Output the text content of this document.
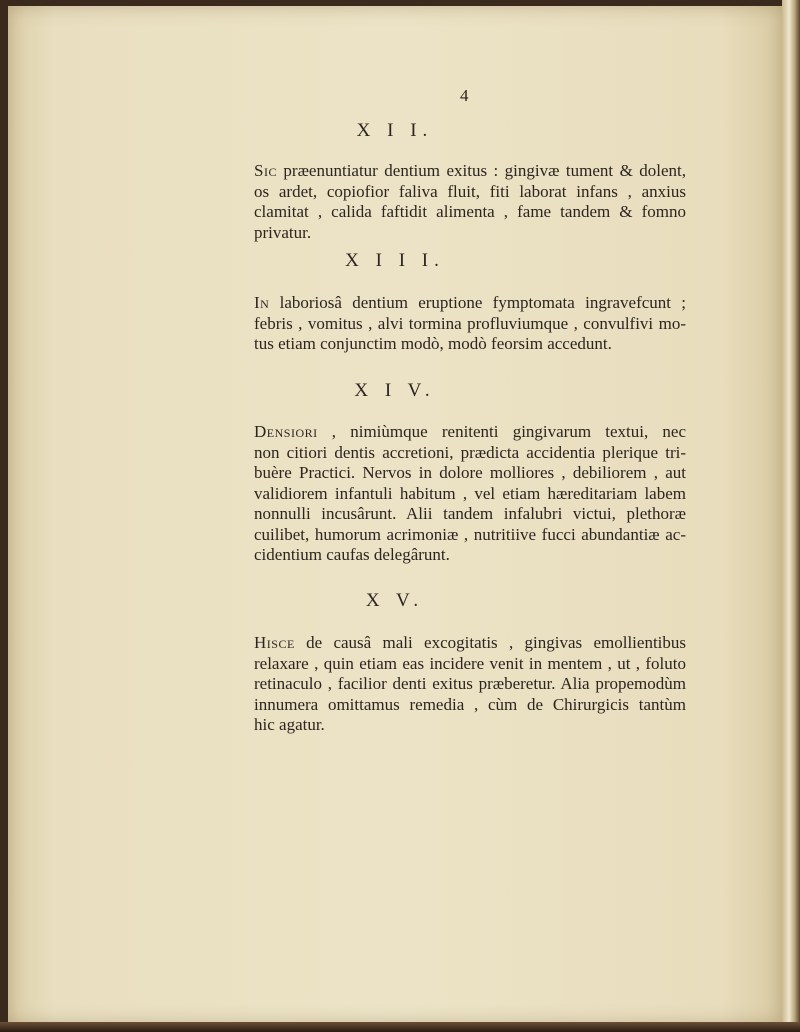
4
X I I.
Sic præenuntiatur dentium exitus : gingivæ tument & dolent,
os ardet, copiofior faliva fluit, fiti laborat infans , anxius
clamitat , calida faftidit alimenta , fame tandem & fomno
privatur.
X I I I.
In laboriosâ dentium eruptione fymptomata ingravefcunt ;
febris , vomitus , alvi tormina profluviumque , convulfivi mo-
tus etiam conjunctim modò, modò feorsim accedunt.
X I V.
Densiori , nimiùmque renitenti gingivarum textui, nec
non citiori dentis accretioni, prædicta accidentia plerique tri-
buère Practici. Nervos in dolore molliores , debiliorem , aut
validiorem infantuli habitum , vel etiam hæreditariam labem
nonnulli incusârunt. Alii tandem infalubri victui, plethoræ
cuilibet, humorum acrimoniæ , nutritiive fucci abundantiæ ac-
cidentium caufas delegârunt.
X V.
Hisce de causâ mali excogitatis , gingivas emollientibus
relaxare , quin etiam eas incidere venit in mentem , ut , foluto
retinaculo , facilior denti exitus præberetur. Alia propemodùm
innumera omittamus remedia , cùm de Chirurgicis tantùm
hic agatur.
